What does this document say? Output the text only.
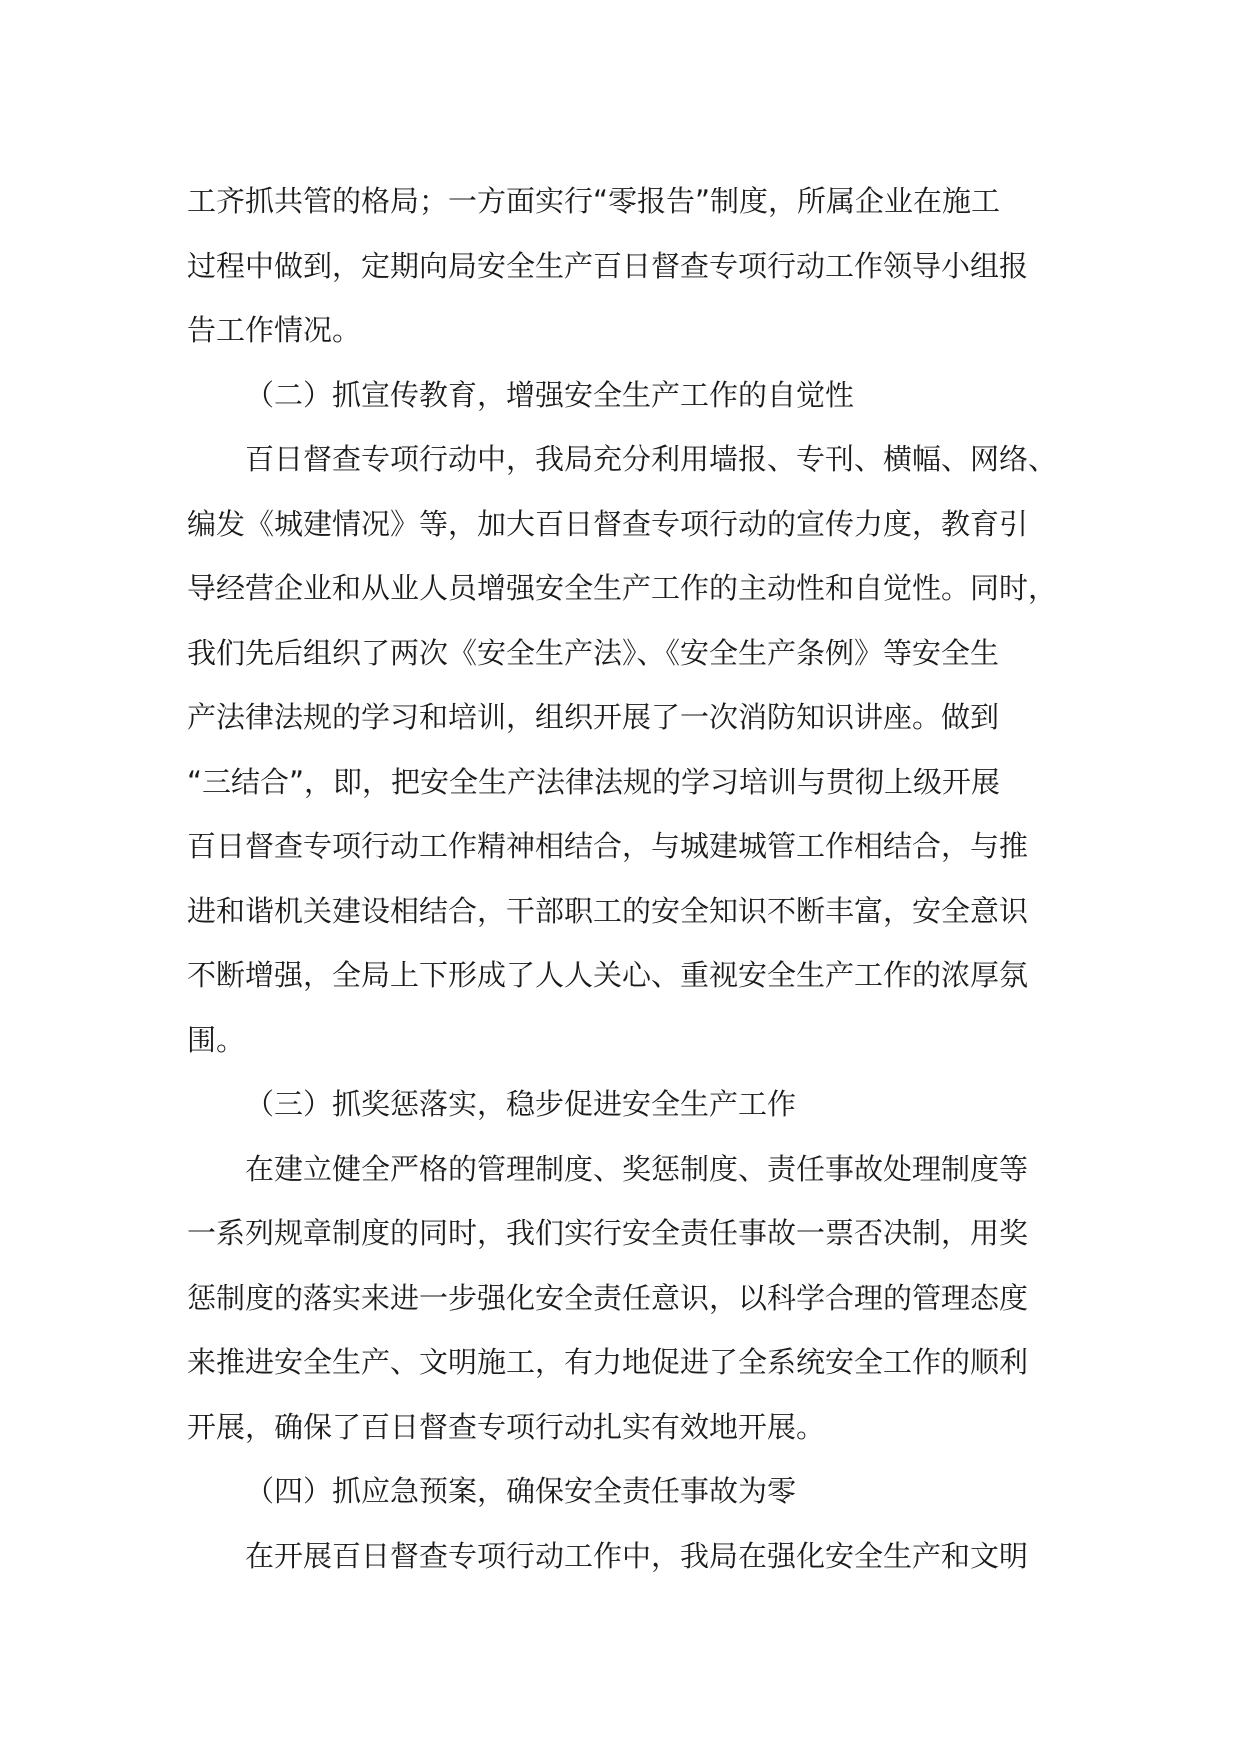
工齐抓共管的格局；一方面实行“零报告”制度，所属企业在施工
过程中做到，定期向局安全生产百日督查专项行动工作领导小组报
告工作情况。
（二）抓宣传教育，增强安全生产工作的自觉性
百日督查专项行动中，我局充分利用墙报、专刊、横幅、网络、
编发《城建情况》等，加大百日督查专项行动的宣传力度，教育引
导经营企业和从业人员增强安全生产工作的主动性和自觉性。同时，
我们先后组织了两次《安全生产法》、《安全生产条例》等安全生
产法律法规的学习和培训，组织开展了一次消防知识讲座。做到
“三结合”，即，把安全生产法律法规的学习培训与贯彻上级开展
百日督查专项行动工作精神相结合，与城建城管工作相结合，与推
进和谐机关建设相结合，干部职工的安全知识不断丰富，安全意识
不断增强，全局上下形成了人人关心、重视安全生产工作的浓厚氛
围。
（三）抓奖惩落实，稳步促进安全生产工作
在建立健全严格的管理制度、奖惩制度、责任事故处理制度等
一系列规章制度的同时，我们实行安全责任事故一票否决制，用奖
惩制度的落实来进一步强化安全责任意识，以科学合理的管理态度
来推进安全生产、文明施工，有力地促进了全系统安全工作的顺利
开展，确保了百日督查专项行动扎实有效地开展。
（四）抓应急预案，确保安全责任事故为零
在开展百日督查专项行动工作中，我局在强化安全生产和文明
